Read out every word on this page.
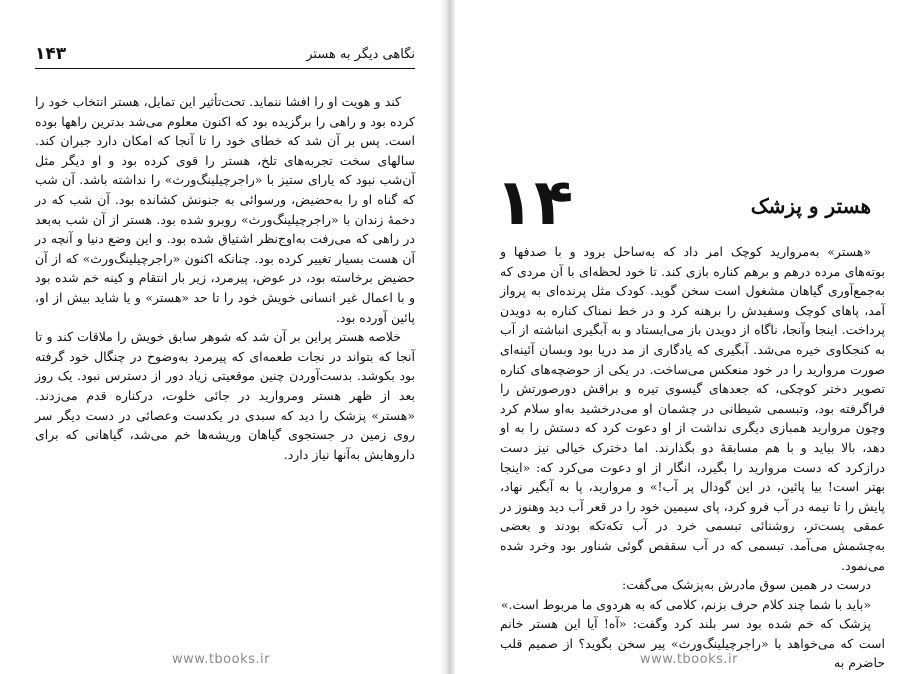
نگاهی دیگر به هستر
۱۴۳

کند و هویت او را افشا ننماید. تحت‌تأثیر این تمایل، هستر انتخاب خود را کرده بود و راهی را برگزیده بود که اکنون معلوم می‌شد بدترین راهها بوده است. پس بر آن شد که خطای خود را تا آنجا که امکان دارد جبران کند. سالهای سخت تجربه‌های تلخ، هستر را قوی کرده بود و او دیگر مثل آن‌شب نبود که یارای ستیز با «راجرچیلینگ‌ورث» را نداشته باشد. آن شب که گناه او را به‌حضیض، ورسوائی به جنونش کشانده بود. آن شب که در دخمهٔ زندان با «راجرچیلینگ‌ورث» روبرو شده بود. هستر از آن شب به‌بعد در راهی که می‌رفت به‌اوج‌نظر اشتیاق شده بود. و این وضع دنیا و آنچه در آن هست بسیار تغییر کرده بود. چنانکه اکنون «راجرچیلینگ‌ورث» که از آن حضیض برخاسته بود، در عوض، پیرمرد، زیر بار انتقام و کینه خم شده بود و با اعمال غیر انسانی خویش خود را تا حد «هستر» و یا شاید بیش از او، پائین آورده بود.

خلاصه هستر پراین بر آن شد که شوهر سابق خویش را ملاقات کند و تا آنجا که بتواند در نجات طعمه‌ای که پیرمرد به‌وضوح در چنگال خود گرفته بود بکوشد. بدست‌آوردن چنین موقعیتی زیاد دور از دسترس نبود. یک روز بعد از ظهر هستر ومروارید در جائی خلوت، درکناره قدم می‌زدند. «هستر» پزشک را دید که سبدی در یکدست وعصائی در دست دیگر سر روی زمین در جستجوی گیاهان وریشه‌ها خم می‌شد، گیاهانی که برای داروهایش به‌آنها نیاز دارد.

www.tbooks.ir
۱۴	هستر و پزشک

«هستر» به‌مروارید کوچک امر داد که به‌ساحل برود و با صدفها و بوته‌های مرده درهم و برهم کناره بازی کند. تا خود لحظه‌ای با آن مردی که به‌جمع‌آوری گیاهان مشغول است سخن گوید. کودک مثل پرنده‌ای به پرواز آمد، پاهای کوچک وسفیدش را برهنه کرد و در خط نمناک کناره به دویدن پرداخت. اینجا وآنجا، ناگاه از دویدن باز می‌ایستاد و به آبگیری انباشته از آب به کنجکاوی خیره می‌شد. آبگیری که یادگاری از مد دریا بود وبسان آئینه‌ای صورت مروارید را در خود منعکس می‌ساخت. در یکی از حوضچه‌های کناره تصویر دختر کوچکی، که جعدهای گیسوی تیره و براقش دورصورتش را فراگرفته بود، وتبسمی شیطانی در چشمان او می‌درخشید به‌او سلام کرد وچون مروارید همبازی دیگری نداشت از او دعوت کرد که دستش را به او دهد، بالا بیاید و با هم مسابقهٔ دو بگذارند. اما دخترک خیالی نیز دست درازکرد که دست مروارید را بگیرد، انگار از او دعوت می‌کرد که: «اینجا بهتر است! بیا پائین، در این گودال پر آب!» و مروارید، پا به آبگیر نهاد، پایش را تا نیمه در آب فرو کرد، پای سیمین خود را در قعر آب دید وهنوز در عمقی پست‌تر، روشنائی تبسمی خرد در آب تکه‌تکه بودند و بعضی به‌چشمش می‌آمد. تبسمی که در آب سقفص گوئی شناور بود وخرد شده می‌نمود.

درست در همین سوق مادرش به‌پزشک می‌گفت:

«باید با شما چند کلام حرف بزنم، کلامی که به هردوی ما مربوط است.»

پزشک که خم شده بود سر بلند کرد وگفت: «آه! آیا این هستر خانم است که می‌خواهد با «راجرچیلینگ‌ورث» پیر سخن بگوید؟ از صمیم قلب حاضرم به

www.tbooks.ir
